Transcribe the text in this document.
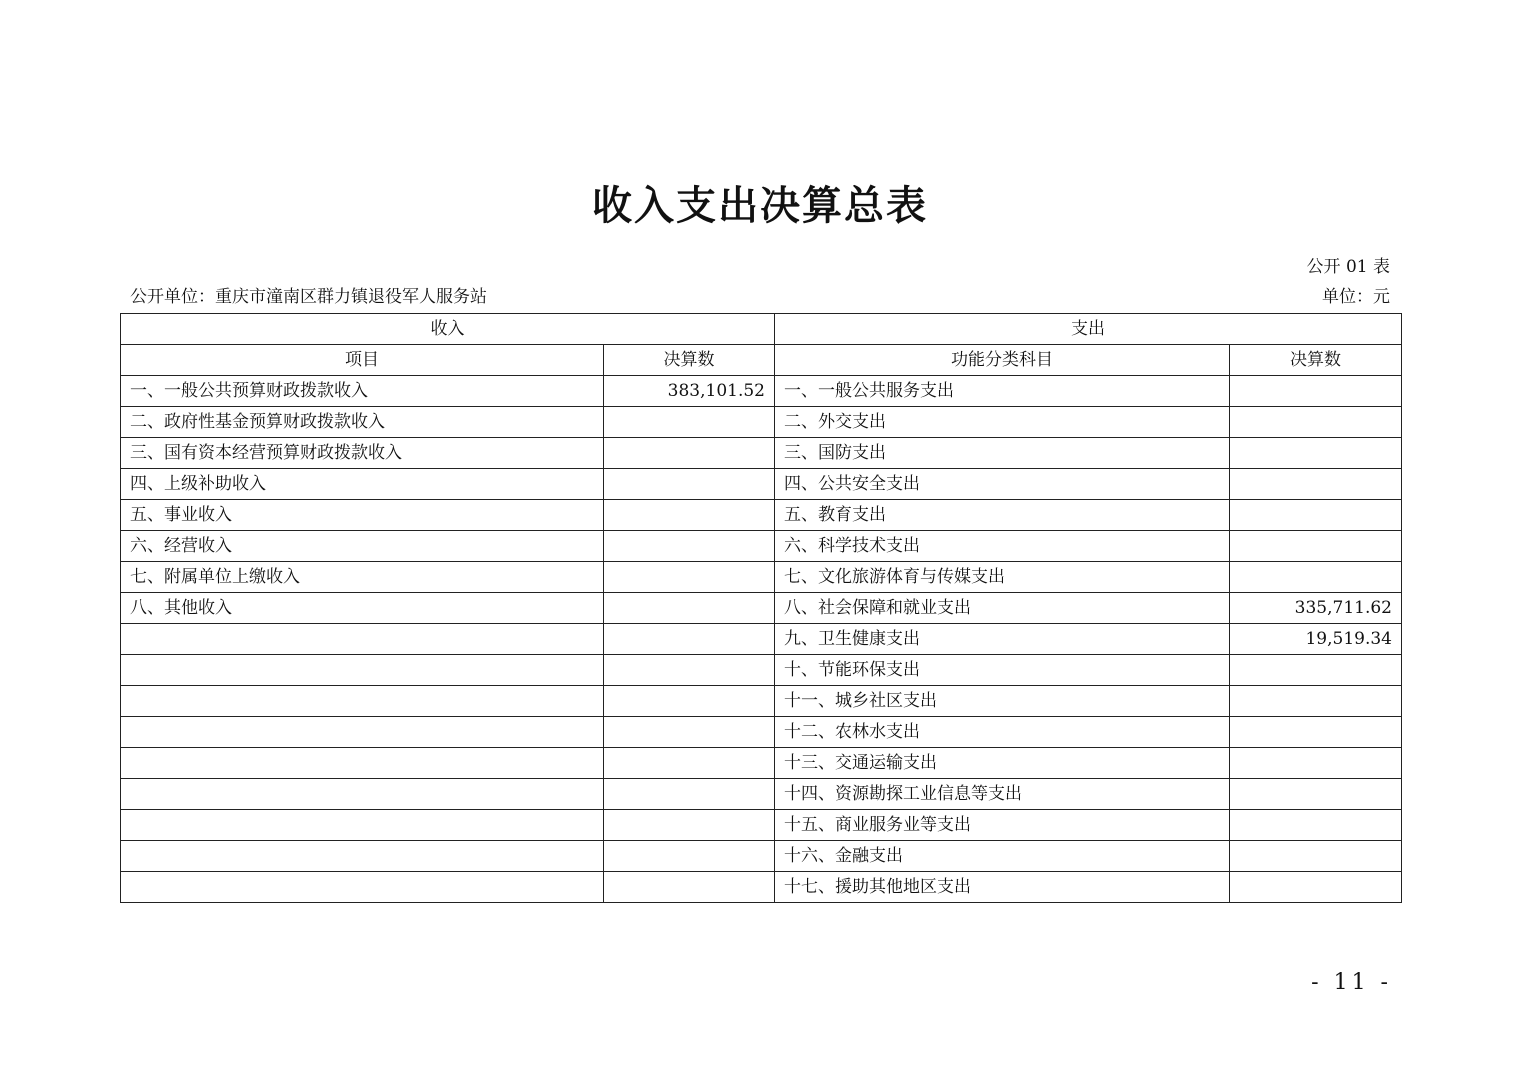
收入支出决算总表
公开 01 表
公开单位：重庆市潼南区群力镇退役军人服务站	单位：元
收入		支出	
项目	决算数	功能分类科目	决算数
一、一般公共预算财政拨款收入	383,101.52	一、一般公共服务支出	
二、政府性基金预算财政拨款收入		二、外交支出	
三、国有资本经营预算财政拨款收入		三、国防支出	
四、上级补助收入		四、公共安全支出	
五、事业收入		五、教育支出	
六、经营收入		六、科学技术支出	
七、附属单位上缴收入		七、文化旅游体育与传媒支出	
八、其他收入		八、社会保障和就业支出	335,711.62
		九、卫生健康支出	19,519.34
		十、节能环保支出	
		十一、城乡社区支出	
		十二、农林水支出	
		十三、交通运输支出	
		十四、资源勘探工业信息等支出	
		十五、商业服务业等支出	
		十六、金融支出	
		十七、援助其他地区支出	
- 11 -
